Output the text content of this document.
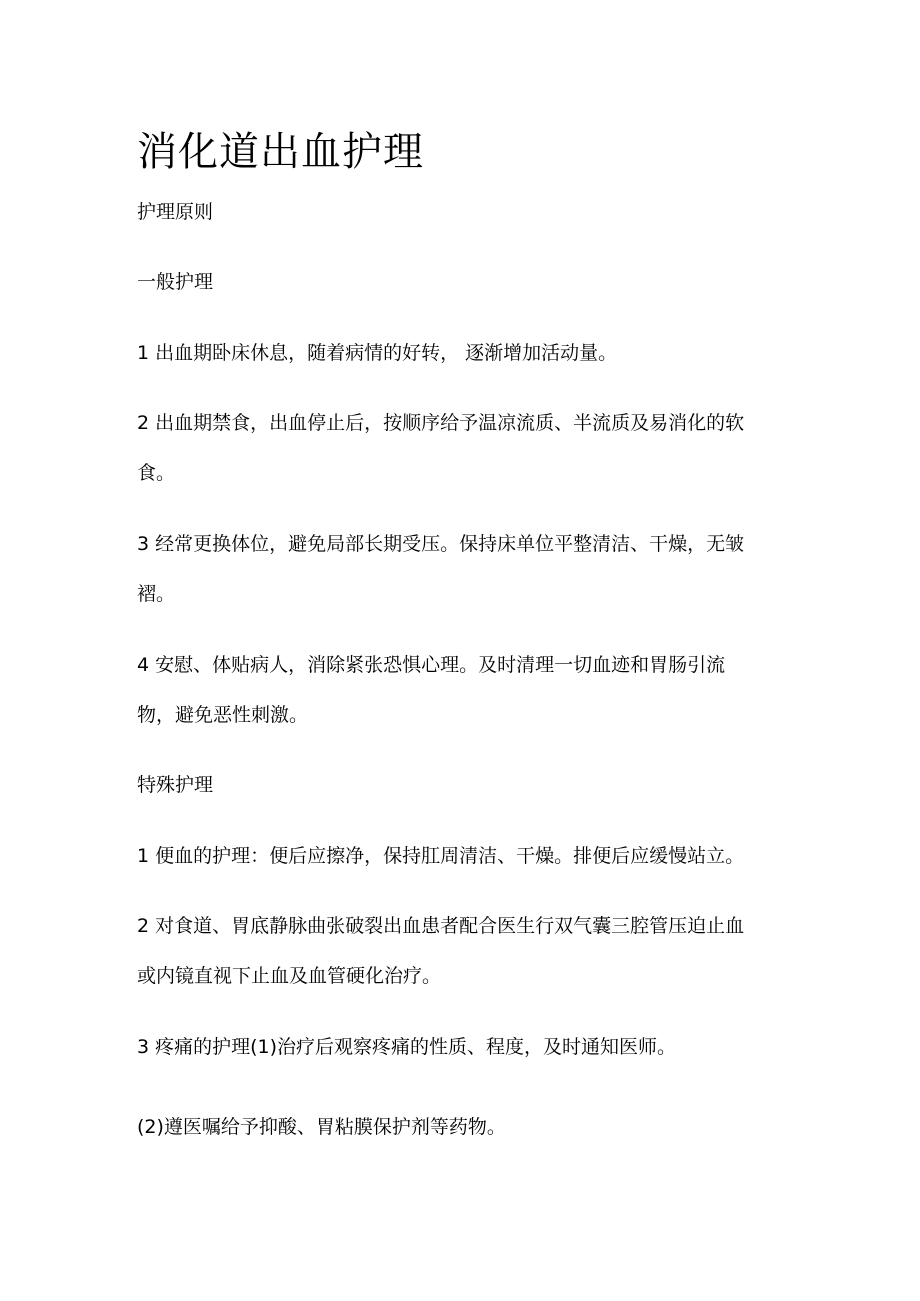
消化道出血护理

护理原则

一般护理

1 出血期卧床休息，随着病情的好转， 逐渐增加活动量。

2 出血期禁食，出血停止后，按顺序给予温凉流质、半流质及易消化的软

食。

3 经常更换体位，避免局部长期受压。保持床单位平整清洁、干燥，无皱

褶。

4 安慰、体贴病人，消除紧张恐惧心理。及时清理一切血迹和胃肠引流

物，避免恶性刺激。

特殊护理

1 便血的护理：便后应擦净，保持肛周清洁、干燥。排便后应缓慢站立。

2 对食道、胃底静脉曲张破裂出血患者配合医生行双气囊三腔管压迫止血

或内镜直视下止血及血管硬化治疗。

3 疼痛的护理(1)治疗后观察疼痛的性质、程度，及时通知医师。

(2)遵医嘱给予抑酸、胃粘膜保护剂等药物。
